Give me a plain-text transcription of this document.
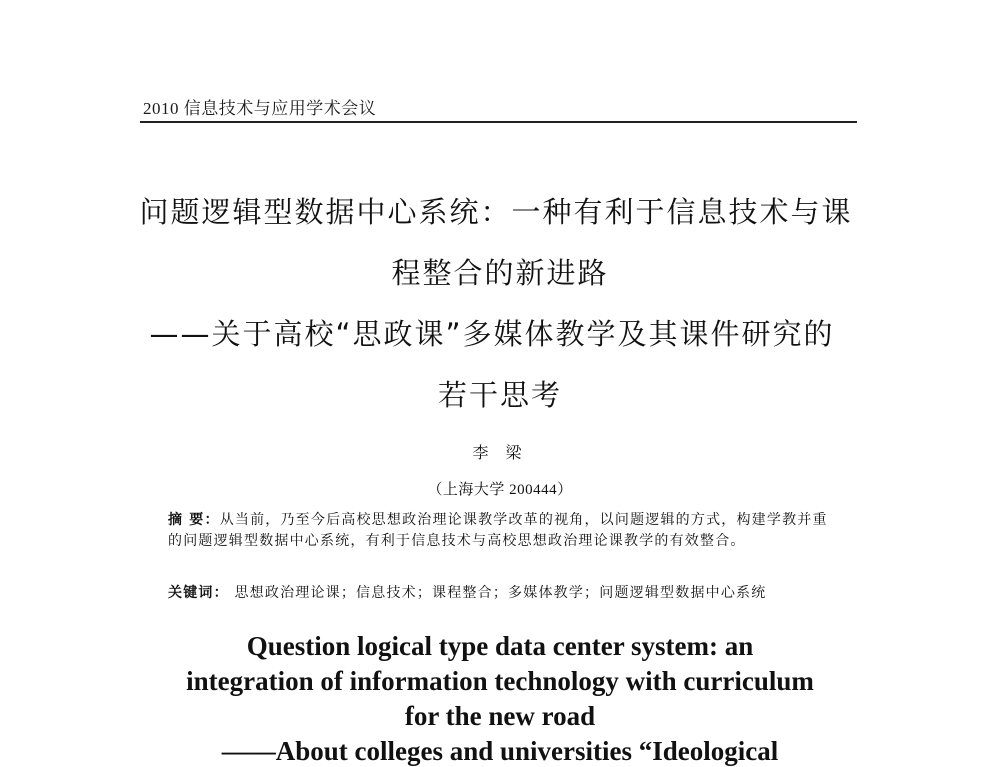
2010 信息技术与应用学术会议
问题逻辑型数据中心系统：一种有利于信息技术与课
程整合的新进路
——关于高校“思政课”多媒体教学及其课件研究的
若干思考
李 梁
（上海大学 200444）
摘 要：从当前，乃至今后高校思想政治理论课教学改革的视角，以问题逻辑的方式，构建学教并重的问题逻辑型数据中心系统，有利于信息技术与高校思想政治理论课教学的有效整合。
关键词： 思想政治理论课；信息技术；课程整合；多媒体教学；问题逻辑型数据中心系统
Question logical type data center system: an
integration of information technology with curriculum
for the new road
——About colleges and universities “Ideological
